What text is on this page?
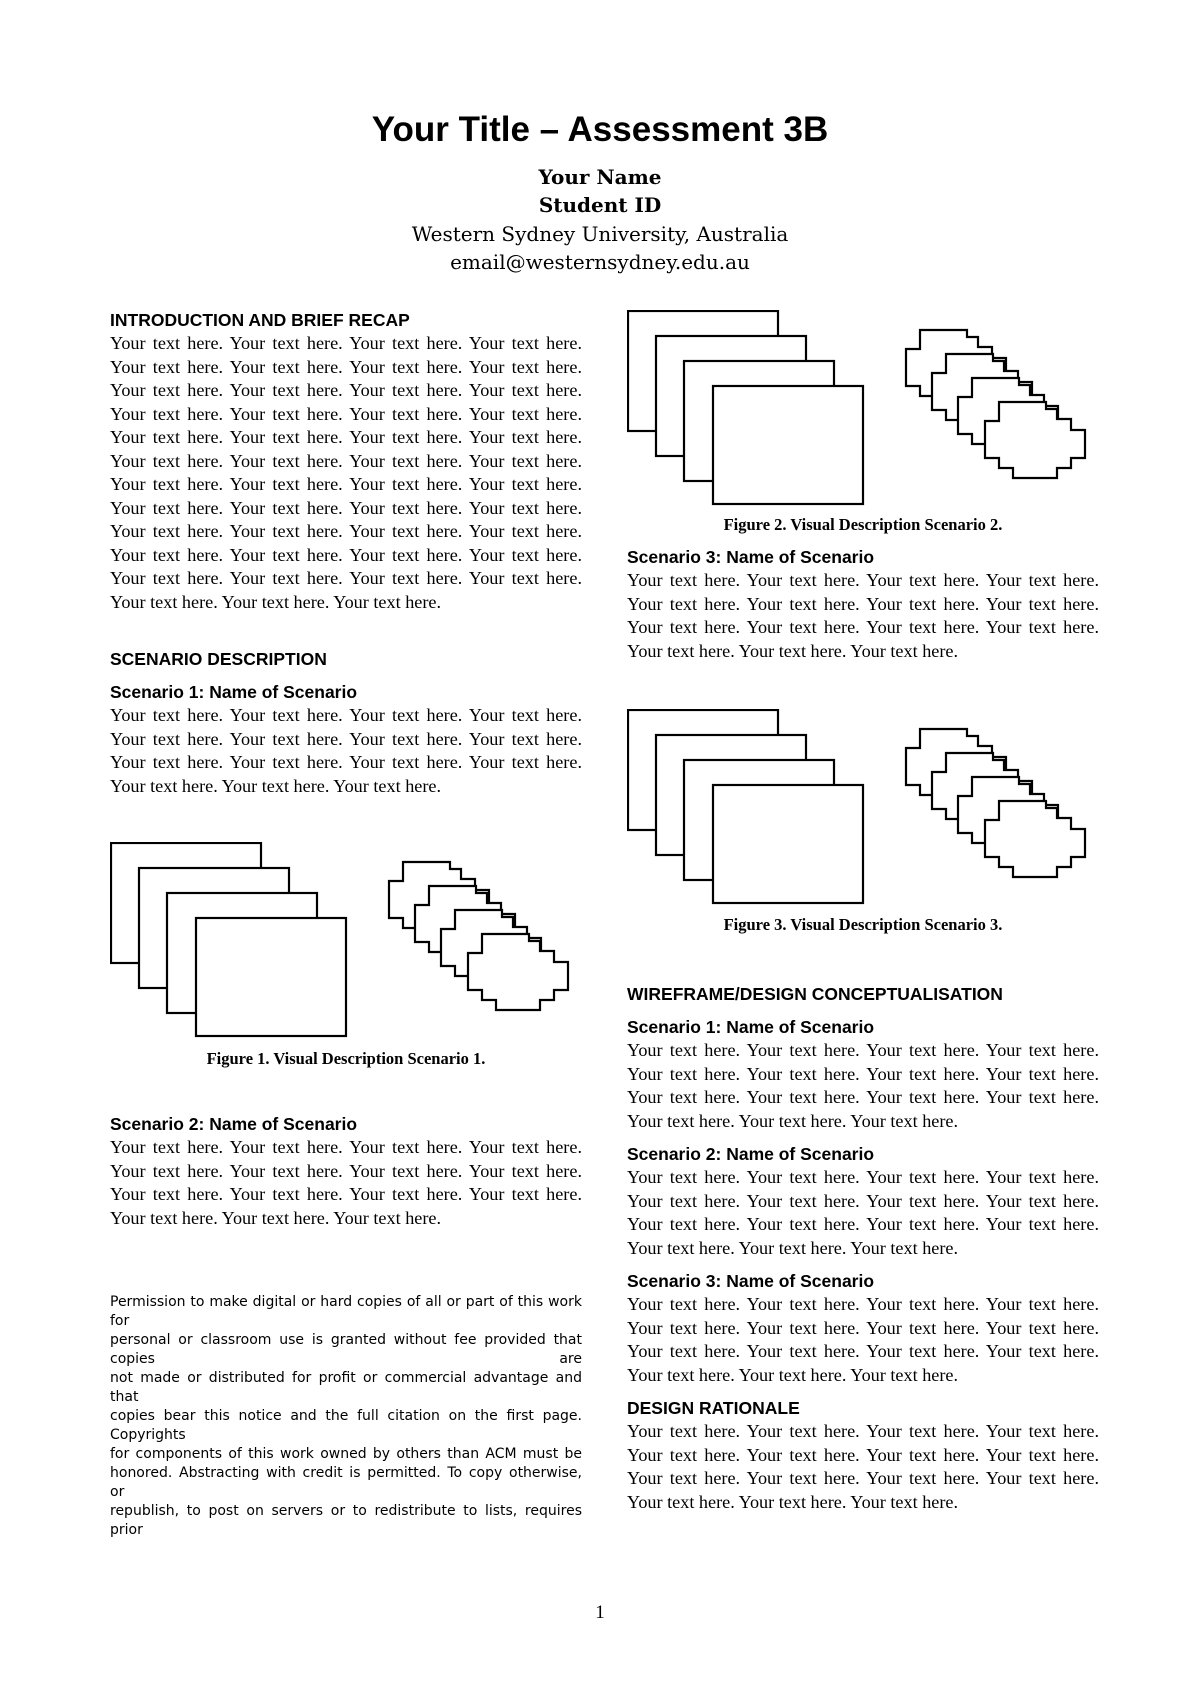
Your Title – Assessment 3B
Your Name
Student ID
Western Sydney University, Australia
email@westernsydney.edu.au
INTRODUCTION AND BRIEF RECAP

Your text here. Your text here. Your text here. Your text here. Your text here. Your text here. Your text here. Your text here. Your text here. Your text here. Your text here. Your text here. Your text here. Your text here. Your text here. Your text here. Your text here. Your text here. Your text here. Your text here. Your text here. Your text here. Your text here. Your text here. Your text here. Your text here. Your text here. Your text here. Your text here. Your text here. Your text here. Your text here. Your text here. Your text here. Your text here. Your text here. Your text here. Your text here. Your text here. Your text here. Your text here. Your text here. Your text here. Your text here. Your text here. Your text here. Your text here.

SCENARIO DESCRIPTION
Scenario 1: Name of Scenario

Your text here. Your text here. Your text here. Your text here. Your text here. Your text here. Your text here. Your text here. Your text here. Your text here. Your text here. Your text here. Your text here. Your text here. Your text here.

Figure 1. Visual Description Scenario 1.
Scenario 2: Name of Scenario

Your text here. Your text here. Your text here. Your text here. Your text here. Your text here. Your text here. Your text here. Your text here. Your text here. Your text here. Your text here. Your text here. Your text here. Your text here.

Permission to make digital or hard copies of all or part of this work for
personal or classroom use is granted without fee provided that copies are
not made or distributed for profit or commercial advantage and that
copies bear this notice and the full citation on the first page. Copyrights
for components of this work owned by others than ACM must be
honored. Abstracting with credit is permitted. To copy otherwise, or
republish, to post on servers or to redistribute to lists, requires prior
Figure 2. Visual Description Scenario 2.
Scenario 3: Name of Scenario

Your text here. Your text here. Your text here. Your text here. Your text here. Your text here. Your text here. Your text here. Your text here. Your text here. Your text here. Your text here. Your text here. Your text here. Your text here.

Figure 3. Visual Description Scenario 3.
WIREFRAME/DESIGN CONCEPTUALISATION
Scenario 1: Name of Scenario

Your text here. Your text here. Your text here. Your text here. Your text here. Your text here. Your text here. Your text here. Your text here. Your text here. Your text here. Your text here. Your text here. Your text here. Your text here.

Scenario 2: Name of Scenario

Your text here. Your text here. Your text here. Your text here. Your text here. Your text here. Your text here. Your text here. Your text here. Your text here. Your text here. Your text here. Your text here. Your text here. Your text here.

Scenario 3: Name of Scenario

Your text here. Your text here. Your text here. Your text here. Your text here. Your text here. Your text here. Your text here. Your text here. Your text here. Your text here. Your text here. Your text here. Your text here. Your text here.

DESIGN RATIONALE

Your text here. Your text here. Your text here. Your text here. Your text here. Your text here. Your text here. Your text here. Your text here. Your text here. Your text here. Your text here. Your text here. Your text here. Your text here.

1
